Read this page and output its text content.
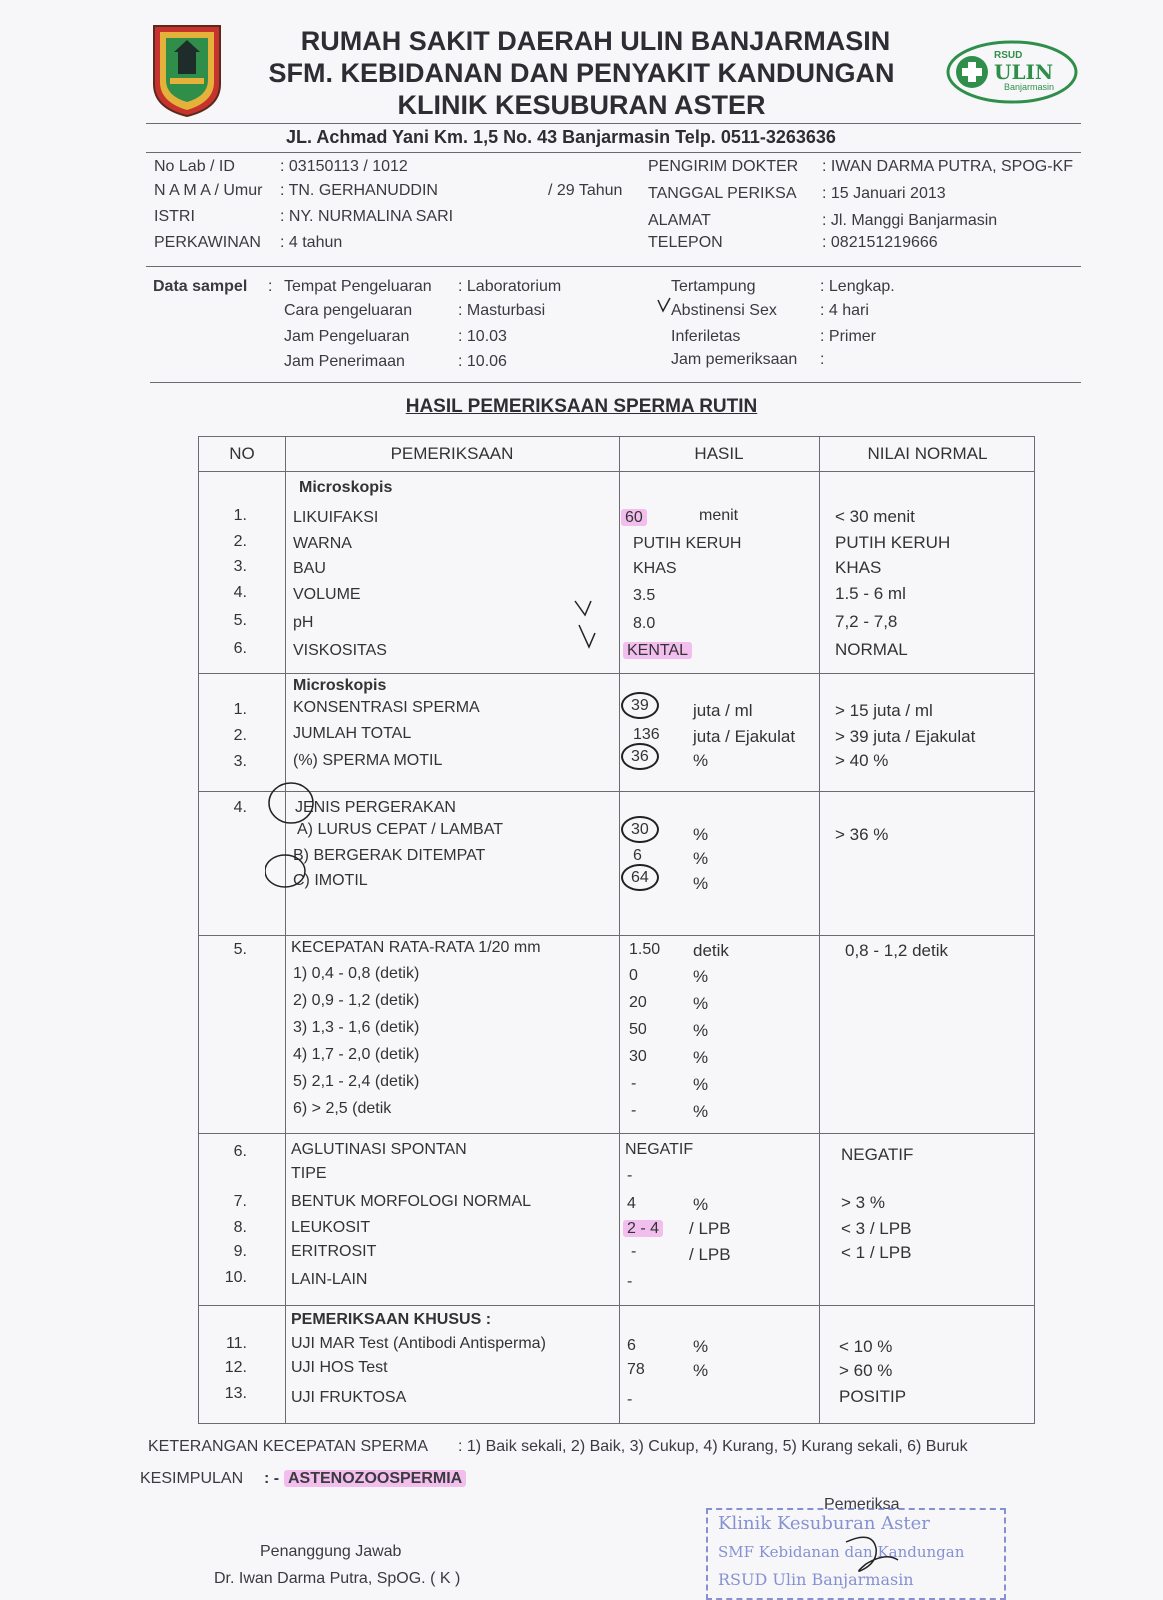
RUMAH SAKIT DAERAH ULIN BANJARMASIN
SFM. KEBIDANAN DAN PENYAKIT KANDUNGAN
KLINIK KESUBURAN ASTER
RSUD
ULIN
Banjarmasin
JL. Achmad Yani Km. 1,5 No. 43 Banjarmasin Telp. 0511-3263636
No Lab / ID	: 03150113 / 1012
N A M A / Umur : TN. GERHANUDDIN	/ 29 Tahun
ISTRI	: NY. NURMALINA SARI
PERKAWINAN : 4 tahun
PENGIRIM DOKTER : IWAN DARMA PUTRA, SPOG-KF
TANGGAL PERIKSA : 15 Januari 2013
ALAMAT	: Jl. Manggi Banjarmasin
TELEPON	: 082151219666
Data sampel : Tempat Pengeluaran : Laboratorium
Cara pengeluaran	: Masturbasi
Jam Pengeluaran	: 10.03
Jam Penerimaan	: 10.06
Tertampung	: Lengkap.
Abstinensi Sex	: 4 hari
Inferiletas	: Primer
Jam pemeriksaan :
HASIL PEMERIKSAAN SPERMA RUTIN
NO	PEMERIKSAAN	HASIL	NILAI NORMAL
Microskopis
1.	LIKUIFAKSI	60	menit	< 30 menit
2.	WARNA	PUTIH KERUH	PUTIH KERUH
3.	BAU	KHAS	KHAS
4.	VOLUME	3.5	1.5 - 6 ml
5.	pH	8.0	7,2 - 7,8
6.	VISKOSITAS	KENTAL	NORMAL
Microskopis
1.	KONSENTRASI SPERMA	39	juta / ml	> 15 juta / ml
2.	JUMLAH TOTAL	136 juta / Ejakulat > 39 juta / Ejakulat
3.	(%) SPERMA MOTIL	36	%	> 40 %
4.	JENIS PERGERAKAN
A) LURUS CEPAT / LAMBAT	30	%	> 36 %
B) BERGERAK DITEMPAT	6	%
C) IMOTIL	64	%
5.	KECEPATAN RATA-RATA 1/20 mm	1.50 detik	0,8 - 1,2 detik
1) 0,4 - 0,8 (detik)	0	%
2) 0,9 - 1,2 (detik)	20	%
3) 1,3 - 1,6 (detik)	50	%
4) 1,7 - 2,0 (detik)	30	%
5) 2,1 - 2,4 (detik)	-	%
6) > 2,5 (detik	-	%
6.	AGLUTINASI SPONTAN	NEGATIF	NEGATIF
TIPE	-
7.	BENTUK MORFOLOGI NORMAL	4	%	> 3 %
8.	LEUKOSIT	2 - 4 / LPB	< 3 / LPB
9.	ERITROSIT	-	/ LPB	< 1 / LPB
10.	LAIN-LAIN	-
PEMERIKSAAN KHUSUS :
11.	UJI MAR Test (Antibodi Antisperma)	6	%	< 10 %
12.	UJI HOS Test	78	%	> 60 %
13.	UJI FRUKTOSA	-	POSITIP
KETERANGAN KECEPATAN SPERMA : 1) Baik sekali, 2) Baik, 3) Cukup, 4) Kurang, 5) Kurang sekali, 6) Buruk
KESIMPULAN : - ASTENOZOOSPERMIA
Pemeriksa
Penanggung Jawab
Dr. Iwan Darma Putra, SpOG. ( K )
Klinik Kesuburan Aster
SMF Kebidanan dan Kandungan
RSUD Ulin Banjarmasin
